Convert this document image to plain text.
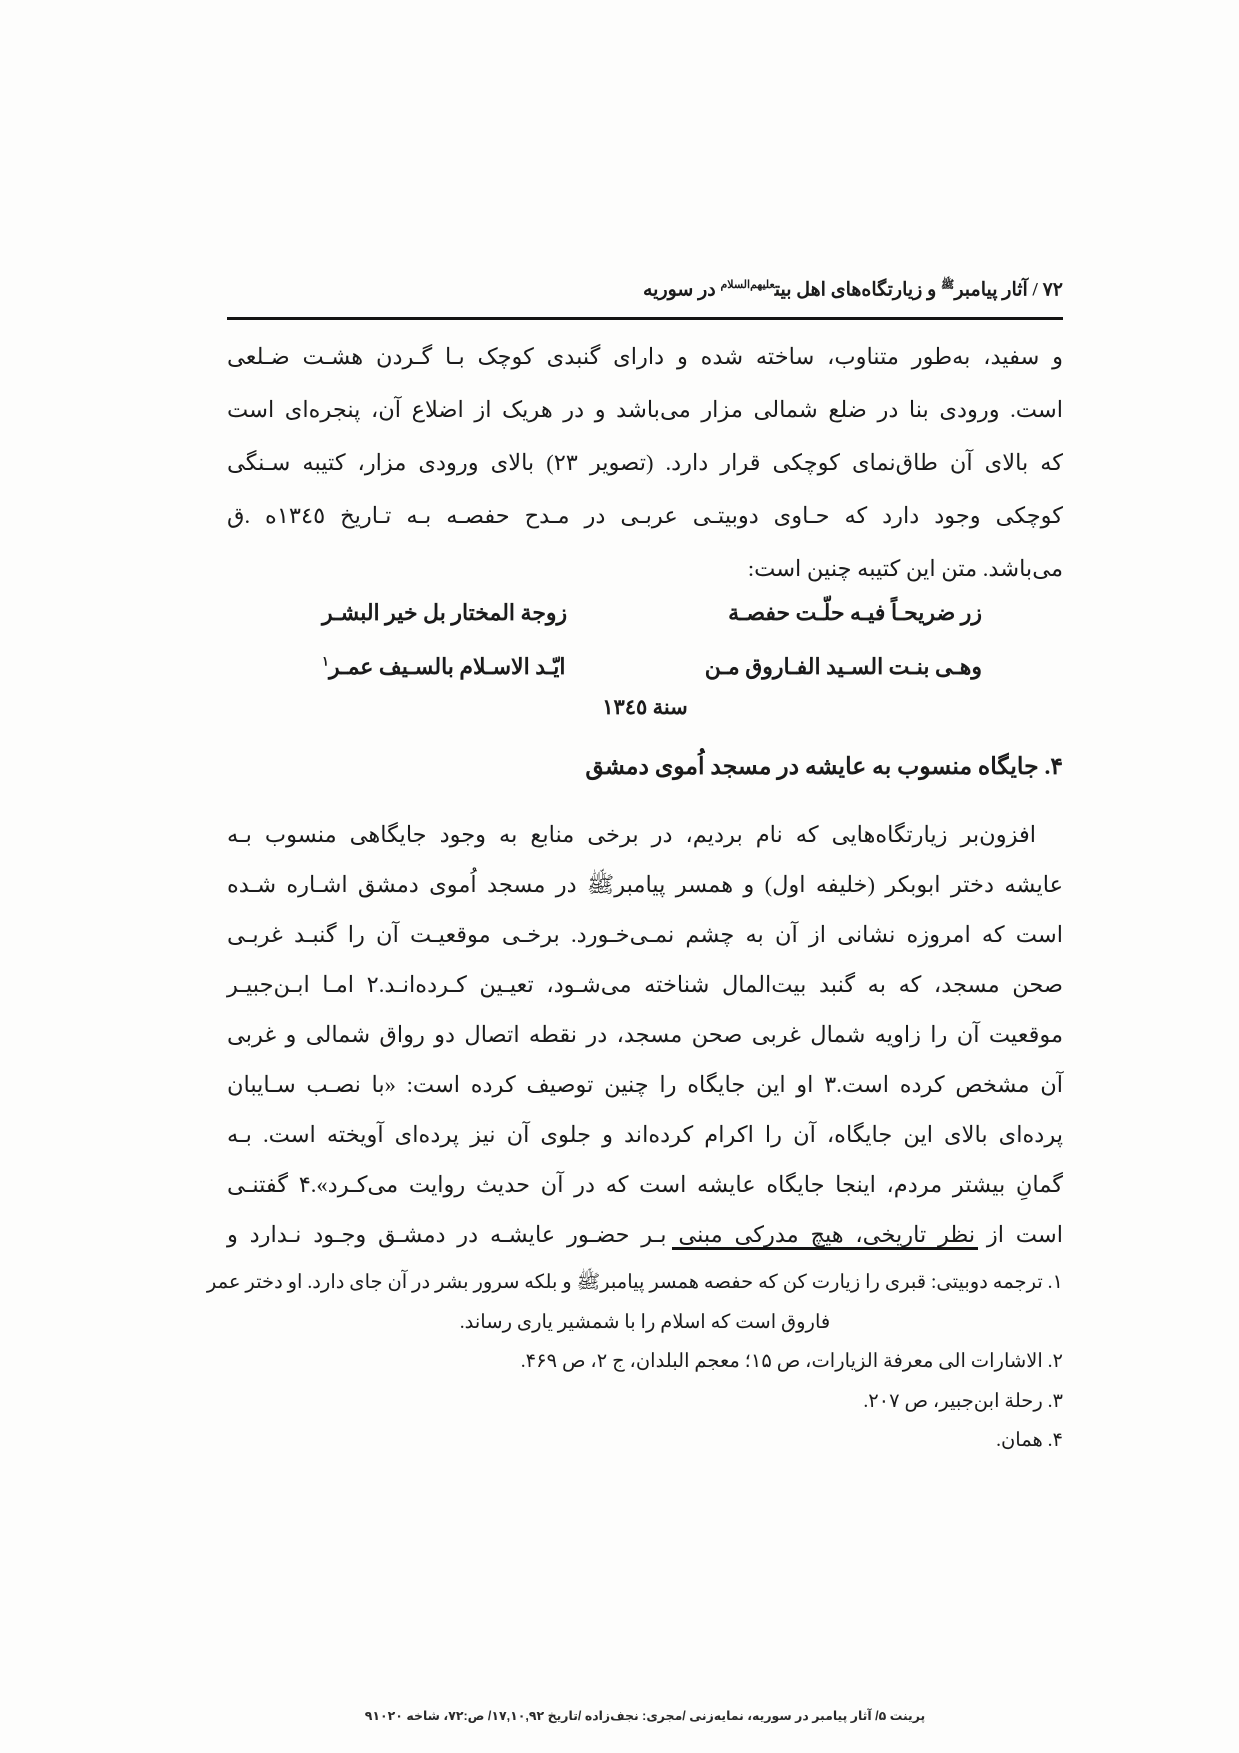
۷۲ / آثار پیامبر$^ﷺ$ و زیارتگاه‌های اهل بیت$^{علیهم‌السلام}$ در سوریه
و سفید، به‌طور متناوب، ساخته شده و دارای گنبدی کوچک بـا گـردن هشـت ضـلعی
است. ورودی بنا در ضلع شمالی مزار می‌باشد و در هریک از اضلاع آن، پنجره‌ای است
که بالای آن طاق‌نمای کوچکی قرار دارد. (تصویر ۲۳) بالای ورودی مزار، کتیبه سـنگی
کوچکی وجود دارد که حـاوی دوبیتـی عربـی در مـدح حفصـه بـه تـاریخ ١٣٤٥ه .ق
می‌باشد. متن این کتیبه چنین است:
زر ضریحـاً فیـه حلّـت حفصـة
زوجة المختار بل خیر البشـر
وهـی بنـت السـید الفـاروق مـن
ایّـد الاسـلام بالسـیف عمـر$^۱$
سنة ١٣٤٥
۴. جایگاه منسوب به عایشه در مسجد اُموی دمشق
افزون‌بر زیارتگاه‌هایی که نام بردیم، در برخی منابع به وجود جایگاهی منسوب بـه
عایشه دختر ابوبکر (خلیفه اول) و همسر پیامبرﷺ در مسجد اُموی دمشق اشـاره شـده
است که امروزه نشانی از آن به چشم نمـی‌خـورد. برخـی موقعیـت آن را گنبـد غربـی
صحن مسجد، که به گنبد بیت‌المال شناخته می‌شـود، تعیـین کـرده‌انـد.۲ امـا ابـن‌جبیـر
موقعیت آن را زاویه شمال غربی صحن مسجد، در نقطه اتصال دو رواق شمالی و غربی
آن مشخص کرده است.۳ او این جایگاه را چنین توصیف کرده است: «با نصـب سـایبان
پرده‌ای بالای این جایگاه، آن را اکرام کرده‌اند و جلوی آن نیز پرده‌ای آویخته است. بـه
گمانِ بیشتر مردم، اینجا جایگاه عایشه است که در آن حدیث روایت می‌کـرد».۴ گفتنـی
است از نظر تاریخی، هیچ مدرکی مبنی بـر حضـور عایشـه در دمشـق وجـود نـدارد و
۱. ترجمه دوبیتی: قبری را زیارت کن که حفصه همسر پیامبرﷺ و بلکه سرور بشر در آن جای دارد. او دختر عمر
فاروق است که اسلام را با شمشیر یاری رساند.
۲. الاشارات الی معرفة الزیارات، ص ۱۵؛ معجم البلدان، ج ۲، ص ۴۶۹.
۳. رحلة ابن‌جبیر، ص ۲۰۷.
۴. همان.
پرینت ۵/ آثار پیامبر در سوریه، نمایه‌زنی /مجری: نجف‌زاده /تاریخ ۱۷,۱۰,۹۲/ ص:۷۲، شاخه ۹۱۰۲۰
